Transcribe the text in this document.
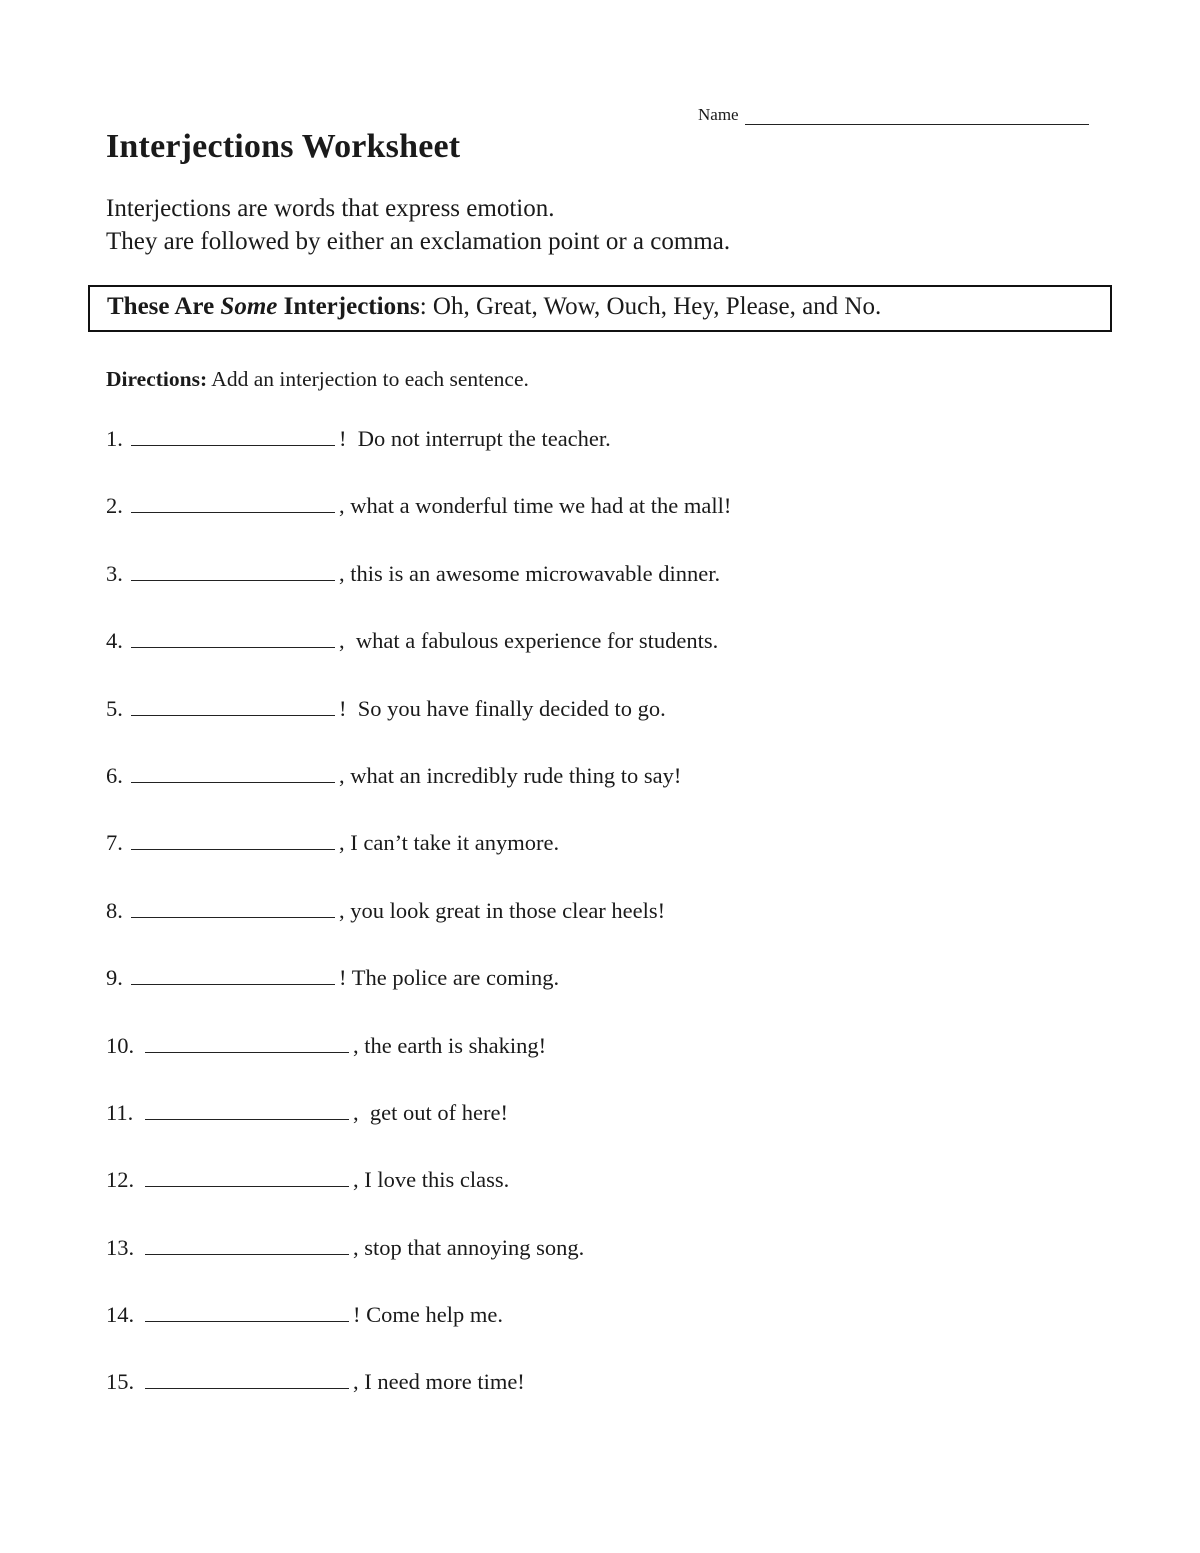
Name
Interjections Worksheet
Interjections are words that express emotion.
They are followed by either an exclamation point or a comma.
These Are Some Interjections: Oh, Great, Wow, Ouch, Hey, Please, and No.
Directions: Add an interjection to each sentence.
1.	!  Do not interrupt the teacher.
2.	, what a wonderful time we had at the mall!
3.	, this is an awesome microwavable dinner.
4.	,  what a fabulous experience for students.
5.	!  So you have finally decided to go.
6.	, what an incredibly rude thing to say!
7.	, I can’t take it anymore.
8.	, you look great in those clear heels!
9.	! The police are coming.
10.	, the earth is shaking!
11.	,  get out of here!
12.	, I love this class.
13.	, stop that annoying song.
14.	! Come help me.
15.	, I need more time!
